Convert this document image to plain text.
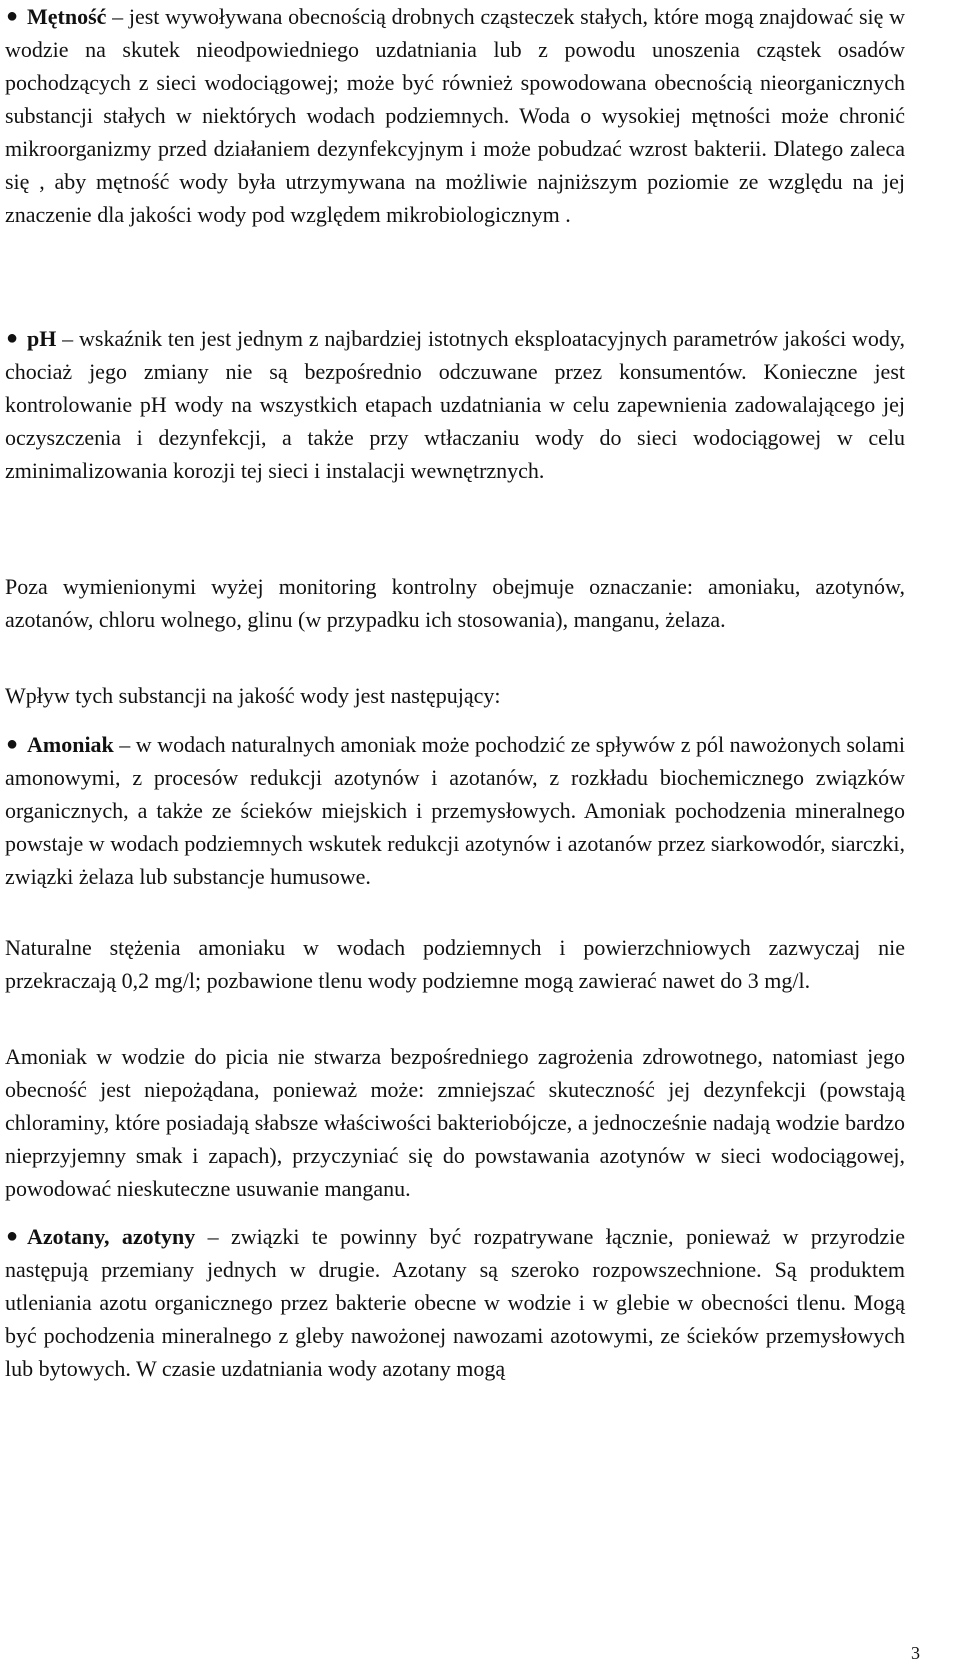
● Mętność – jest wywoływana obecnością drobnych cząsteczek stałych, które mogą znajdować się w wodzie na skutek nieodpowiedniego uzdatniania lub z powodu unoszenia cząstek osadów pochodzących z sieci wodociągowej; może być również spowodowana obecnością nieorganicznych substancji stałych w niektórych wodach podziemnych. Woda o wysokiej mętności może chronić mikroorganizmy przed działaniem dezynfekcyjnym i może pobudzać wzrost bakterii. Dlatego zaleca się , aby mętność wody była utrzymywana na możliwie najniższym poziomie ze względu na jej znaczenie dla jakości wody pod względem mikrobiologicznym .

● pH – wskaźnik ten jest jednym z najbardziej istotnych eksploatacyjnych parametrów jakości wody, chociaż jego zmiany nie są bezpośrednio odczuwane przez konsumentów. Konieczne jest kontrolowanie pH wody na wszystkich etapach uzdatniania w celu zapewnienia zadowalającego jej oczyszczenia i dezynfekcji, a także przy wtłaczaniu wody do sieci wodociągowej w celu zminimalizowania korozji tej sieci i instalacji wewnętrznych.

Poza wymienionymi wyżej monitoring kontrolny obejmuje oznaczanie: amoniaku, azotynów, azotanów, chloru wolnego, glinu (w przypadku ich stosowania), manganu, żelaza.

Wpływ tych substancji na jakość wody jest następujący:

● Amoniak – w wodach naturalnych amoniak może pochodzić ze spływów z pól nawożonych solami amonowymi, z procesów redukcji azotynów i azotanów, z rozkładu biochemicznego związków organicznych, a także ze ścieków miejskich i przemysłowych. Amoniak pochodzenia mineralnego powstaje w wodach podziemnych wskutek redukcji azotynów i azotanów przez siarkowodór, siarczki, związki żelaza lub substancje humusowe.

Naturalne stężenia amoniaku w wodach podziemnych i powierzchniowych zazwyczaj nie przekraczają 0,2 mg/l; pozbawione tlenu wody podziemne mogą zawierać nawet do 3 mg/l.

Amoniak w wodzie do picia nie stwarza bezpośredniego zagrożenia zdrowotnego, natomiast jego obecność jest niepożądana, ponieważ może: zmniejszać skuteczność jej dezynfekcji (powstają chloraminy, które posiadają słabsze właściwości bakteriobójcze, a jednocześnie nadają wodzie bardzo nieprzyjemny smak i zapach), przyczyniać się do powstawania azotynów w sieci wodociągowej, powodować nieskuteczne usuwanie manganu.

● Azotany, azotyny – związki te powinny być rozpatrywane łącznie, ponieważ w przyrodzie następują przemiany jednych w drugie. Azotany są szeroko rozpowszechnione. Są produktem utleniania azotu organicznego przez bakterie obecne w wodzie i w glebie w obecności tlenu. Mogą być pochodzenia mineralnego z gleby nawożonej nawozami azotowymi, ze ścieków przemysłowych lub bytowych. W czasie uzdatniania wody azotany mogą

3
